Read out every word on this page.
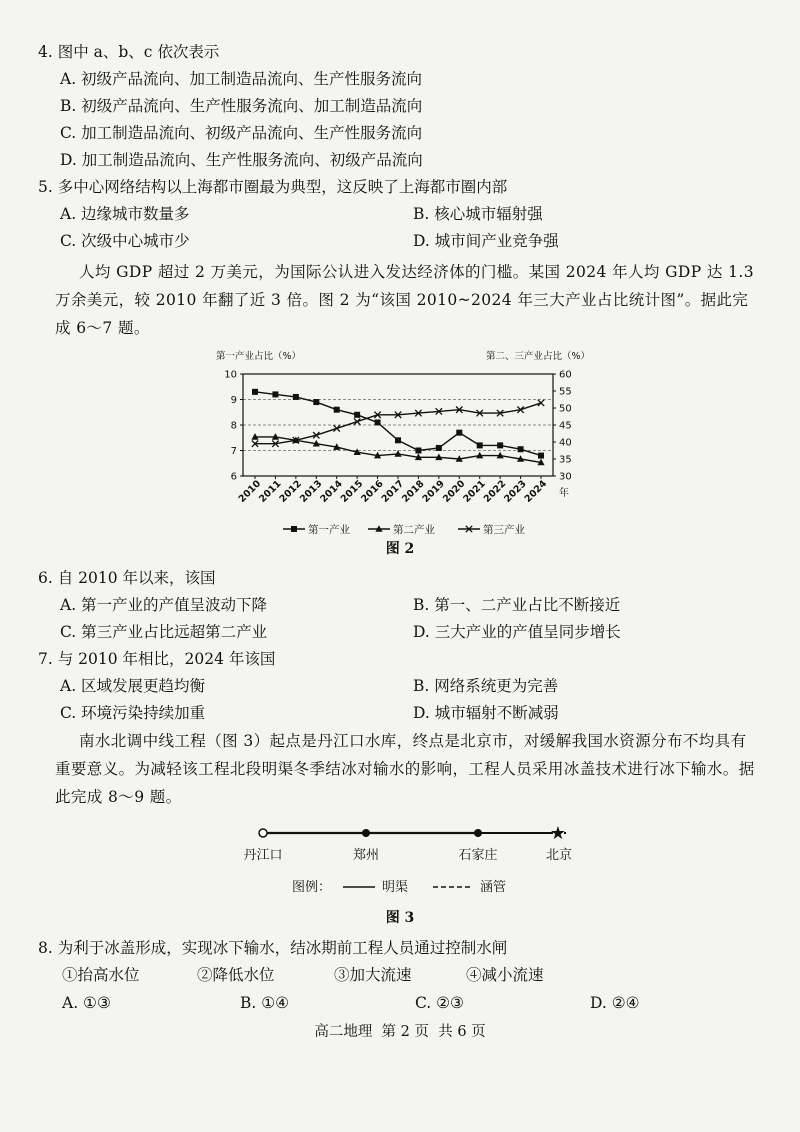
4. 图中 a、b、c 依次表示
A. 初级产品流向、加工制造品流向、生产性服务流向
B. 初级产品流向、生产性服务流向、加工制造品流向
C. 加工制造品流向、初级产品流向、生产性服务流向
D. 加工制造品流向、生产性服务流向、初级产品流向
5. 多中心网络结构以上海都市圈最为典型，这反映了上海都市圈内部
A. 边缘城市数量多	B. 核心城市辐射强
C. 次级中心城市少	D. 城市间产业竞争强
人均 GDP 超过 2 万美元，为国际公认进入发达经济体的门槛。某国 2024 年人均 GDP 达 1.3 万余美元，较 2010 年翻了近 3 倍。图 2 为“该国 2010~2024 年三大产业占比统计图”。据此完成 6～7 题。
第一产业占比（%）	第二、三产业占比（%）
6
7
8
9
10
30
35
40
45
50
55
60
2010
2011
2012
2013
2014
2015
2016
2017
2018
2019
2020
2021
2022
2023
2024 年
第一产业	第二产业	第三产业
图 2
6. 自 2010 年以来，该国
A. 第一产业的产值呈波动下降	B. 第一、二产业占比不断接近
C. 第三产业占比远超第二产业	D. 三大产业的产值呈同步增长
7. 与 2010 年相比，2024 年该国
A. 区域发展更趋均衡	B. 网络系统更为完善
C. 环境污染持续加重	D. 城市辐射不断减弱
南水北调中线工程（图 3）起点是丹江口水库，终点是北京市，对缓解我国水资源分布不均具有重要意义。为减轻该工程北段明渠冬季结冰对输水的影响，工程人员采用冰盖技术进行冰下输水。据此完成 8～9 题。
★
丹江口	郑州	石家庄	北京
图例：	明渠	涵管
图 3
8. 为利于冰盖形成，实现冰下输水，结冰期前工程人员通过控制水闸
①抬高水位	②降低水位	③加大流速	④减小流速
A. ①③	B. ①④	C. ②③	D. ②④
高二地理  第 2 页  共 6 页
